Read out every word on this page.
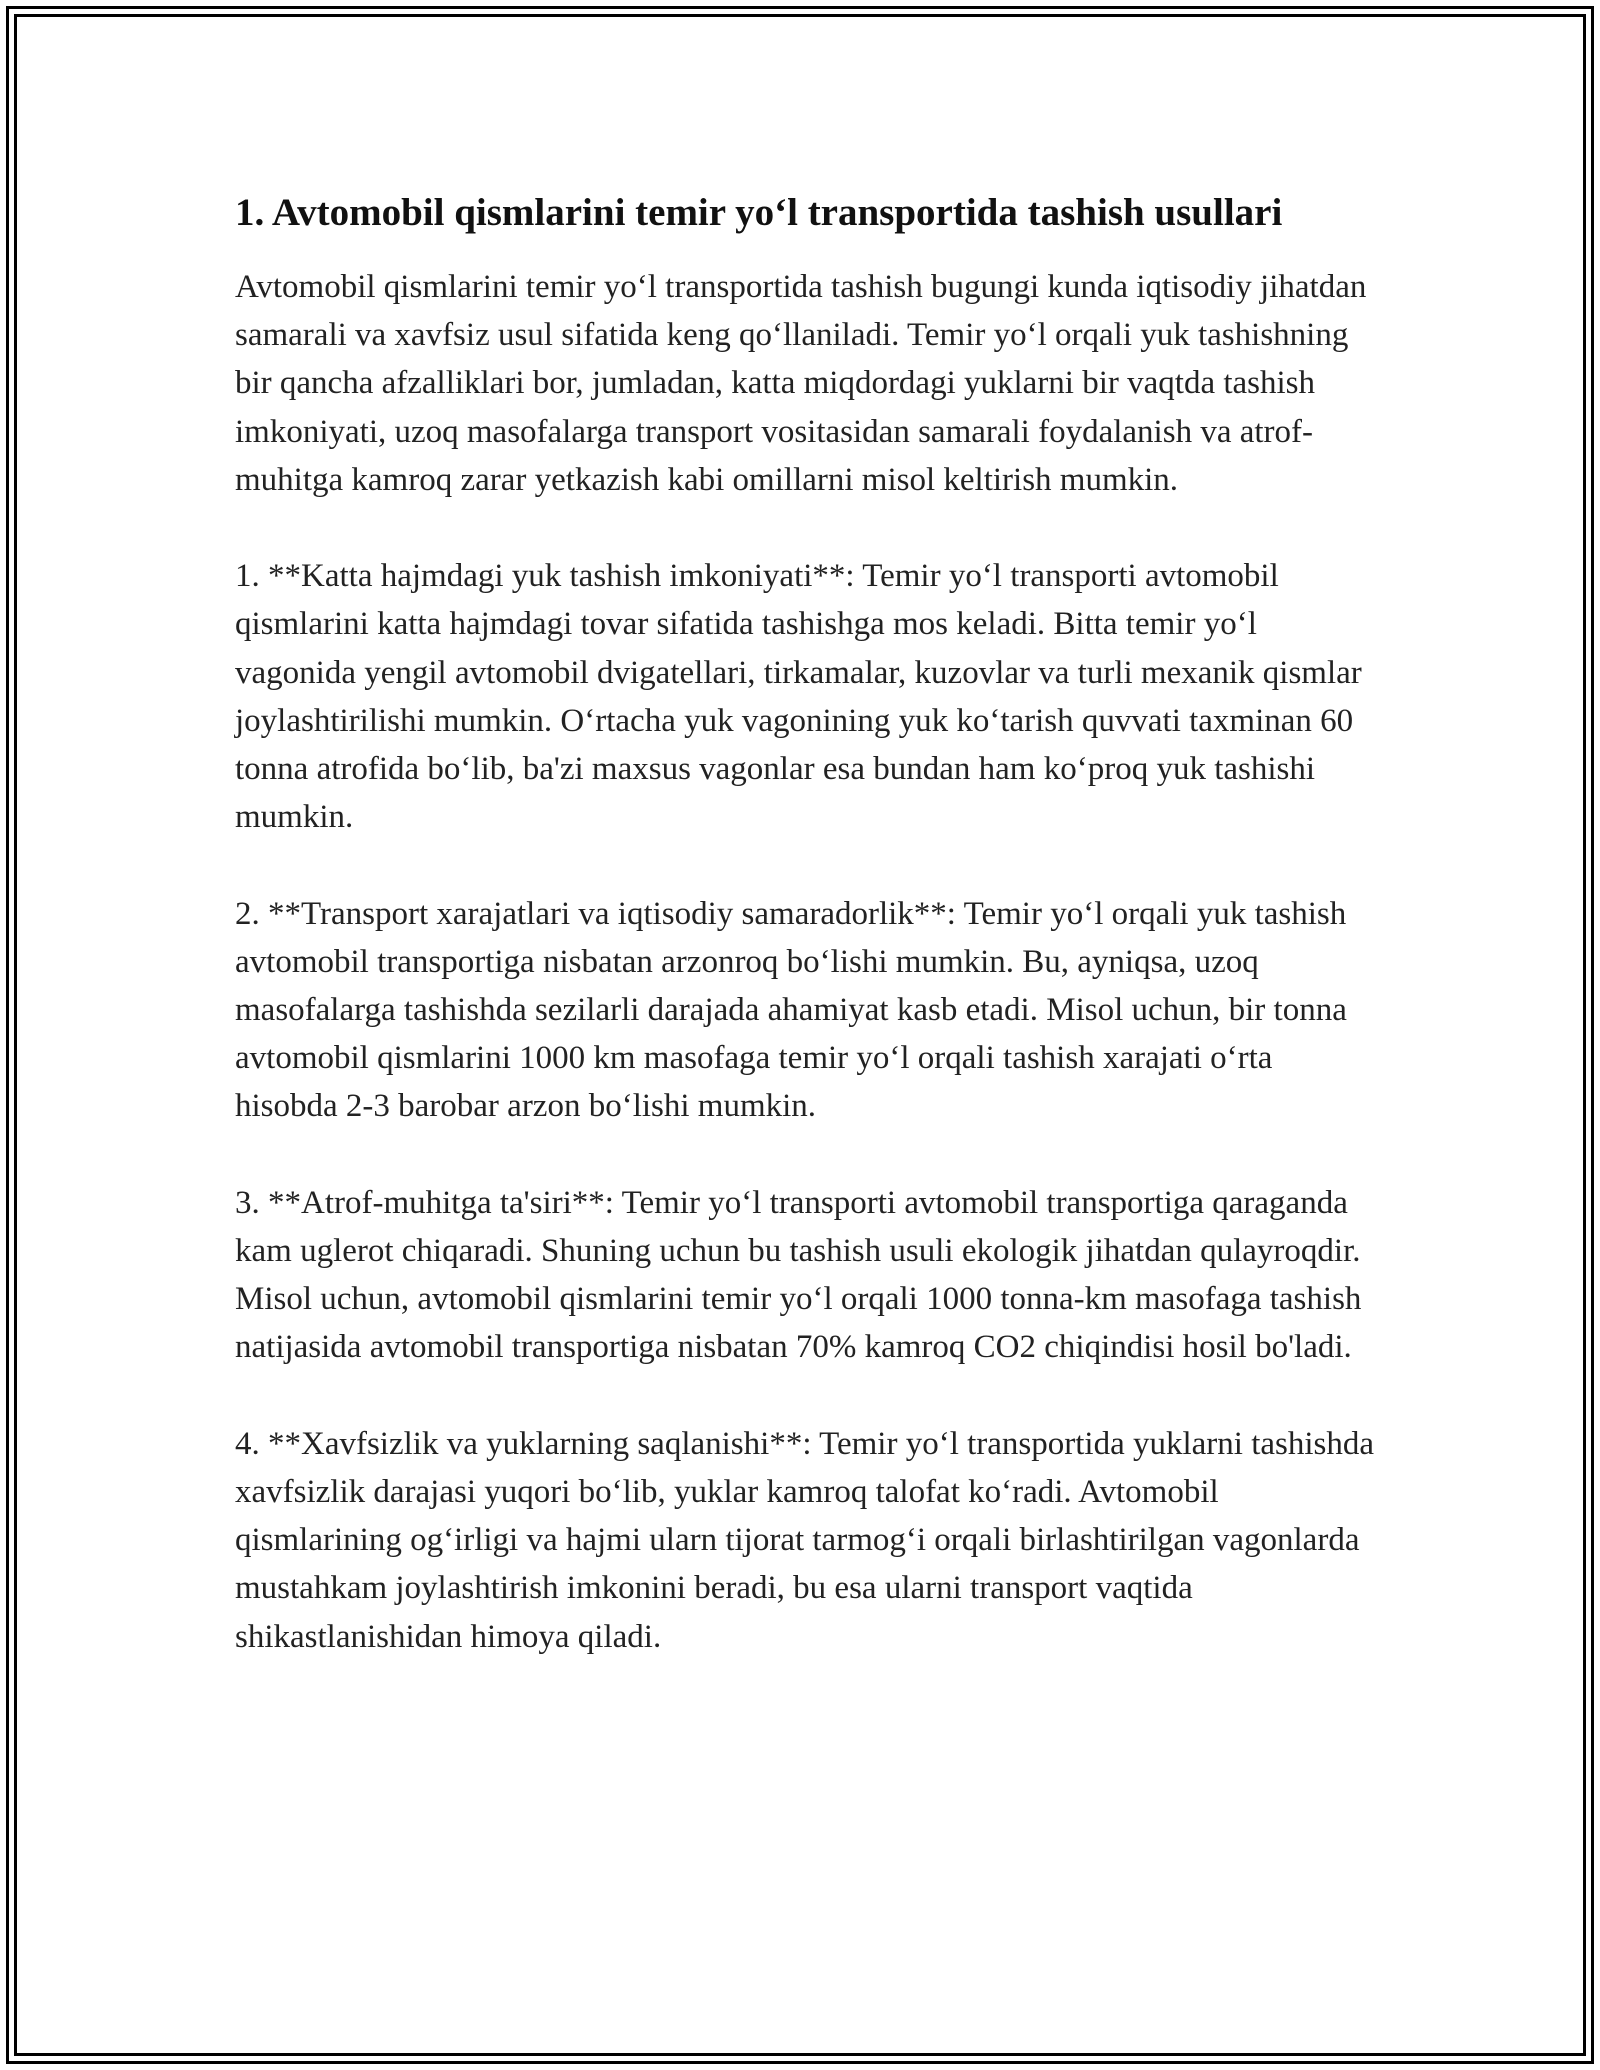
1. Avtomobil qismlarini temir yo‘l transportida tashish usullari

Avtomobil qismlarini temir yo‘l transportida tashish bugungi kunda iqtisodiy jihatdan samarali va xavfsiz usul sifatida keng qo‘llaniladi. Temir yo‘l orqali yuk tashishning bir qancha afzalliklari bor, jumladan, katta miqdordagi yuklarni bir vaqtda tashish imkoniyati, uzoq masofalarga transport vositasidan samarali foydalanish va atrof-muhitga kamroq zarar yetkazish kabi omillarni misol keltirish mumkin.

1. **Katta hajmdagi yuk tashish imkoniyati**: Temir yo‘l transporti avtomobil qismlarini katta hajmdagi tovar sifatida tashishga mos keladi. Bitta temir yo‘l vagonida yengil avtomobil dvigatellari, tirkamalar, kuzovlar va turli mexanik qismlar joylashtirilishi mumkin. O‘rtacha yuk vagonining yuk ko‘tarish quvvati taxminan 60 tonna atrofida bo‘lib, ba'zi maxsus vagonlar esa bundan ham ko‘proq yuk tashishi mumkin.

2. **Transport xarajatlari va iqtisodiy samaradorlik**: Temir yo‘l orqali yuk tashish avtomobil transportiga nisbatan arzonroq bo‘lishi mumkin. Bu, ayniqsa, uzoq masofalarga tashishda sezilarli darajada ahamiyat kasb etadi. Misol uchun, bir tonna avtomobil qismlarini 1000 km masofaga temir yo‘l orqali tashish xarajati o‘rta hisobda 2-3 barobar arzon bo‘lishi mumkin.

3. **Atrof-muhitga ta'siri**: Temir yo‘l transporti avtomobil transportiga qaraganda kam uglerot chiqaradi. Shuning uchun bu tashish usuli ekologik jihatdan qulayroqdir. Misol uchun, avtomobil qismlarini temir yo‘l orqali 1000 tonna-km masofaga tashish natijasida avtomobil transportiga nisbatan 70% kamroq CO2 chiqindisi hosil bo'ladi.

4. **Xavfsizlik va yuklarning saqlanishi**: Temir yo‘l transportida yuklarni tashishda xavfsizlik darajasi yuqori bo‘lib, yuklar kamroq talofat ko‘radi. Avtomobil qismlarining og‘irligi va hajmi ularn tijorat tarmog‘i orqali birlashtirilgan vagonlarda mustahkam joylashtirish imkonini beradi, bu esa ularni transport vaqtida shikastlanishidan himoya qiladi.
